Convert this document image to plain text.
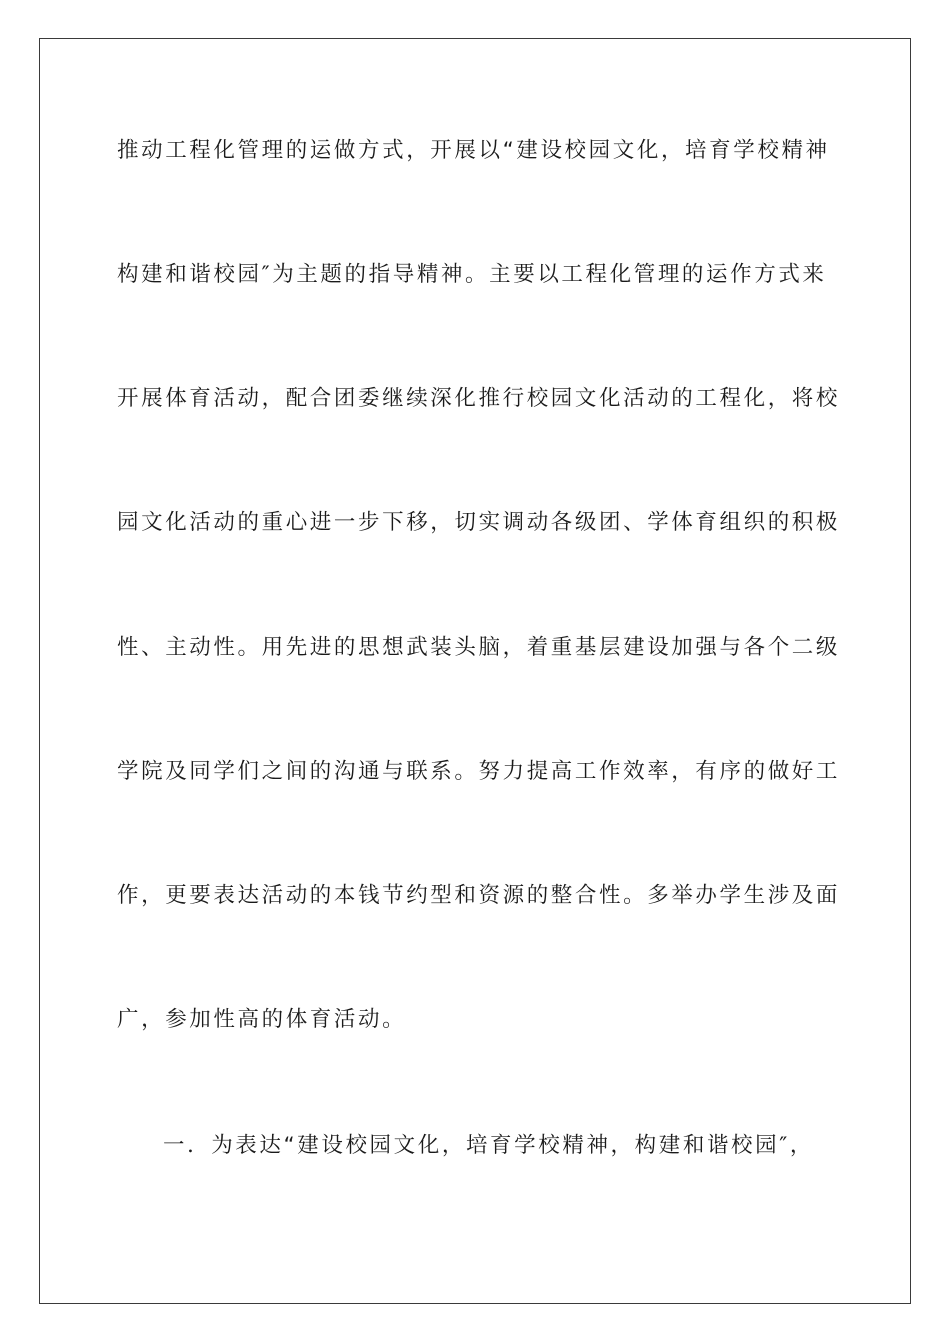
推动工程化管理的运做方式，开展以“建设校园文化，培育学校精神
构建和谐校园″为主题的指导精神。主要以工程化管理的运作方式来
开展体育活动，配合团委继续深化推行校园文化活动的工程化，将校
园文化活动的重心进一步下移，切实调动各级团、学体育组织的积极
性、主动性。用先进的思想武装头脑，着重基层建设加强与各个二级
学院及同学们之间的沟通与联系。努力提高工作效率，有序的做好工
作，更要表达活动的本钱节约型和资源的整合性。多举办学生涉及面
广，参加性高的体育活动。
一．为表达“建设校园文化，培育学校精神，构建和谐校园″，
